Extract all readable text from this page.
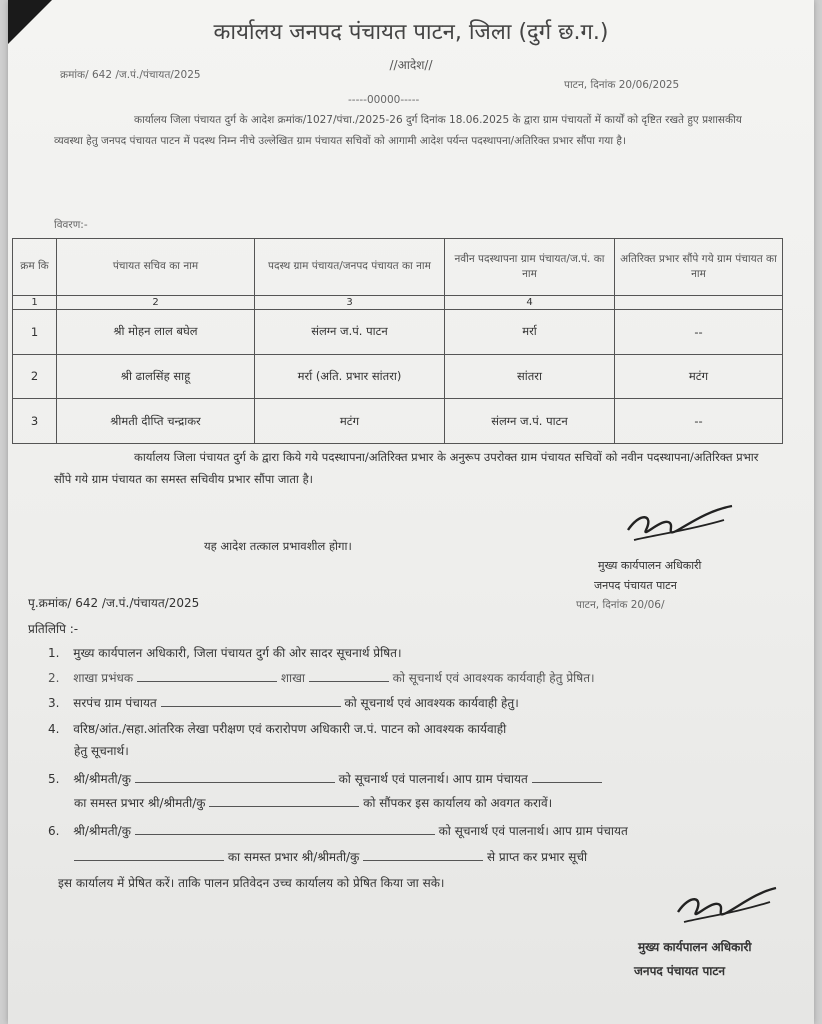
कार्यालय जनपद पंचायत पाटन, जिला (दुर्ग छ.ग.)
//आदेश//
क्रमांक/ 642 /ज.पं./पंचायत/2025
पाटन, दिनांक 20/06/2025
-----00000-----
कार्यालय जिला पंचायत दुर्ग के आदेश क्रमांक/1027/पंचा./2025-26 दुर्ग दिनांक 18.06.2025 के द्वारा ग्राम पंचायतों में कार्यों को दृष्टित रखते हुए प्रशासकीय व्यवस्था हेतु जनपद पंचायत पाटन में पदस्थ निम्न नीचे उल्लेखित ग्राम पंचायत सचिवों को आगामी आदेश पर्यन्त पदस्थापना/अतिरिक्त प्रभार सौंपा गया है।
विवरण:-
क्रम कि	पंचायत सचिव का नाम	पदस्थ ग्राम पंचायत/जनपद पंचायत का नाम	नवीन पदस्थापना ग्राम पंचायत/ज.पं. का नाम	अतिरिक्त प्रभार सौंपे गये ग्राम पंचायत का नाम
1	2	3	4	
1	श्री मोहन लाल बघेल	संलग्न ज.पं. पाटन	मर्रा	--
2	श्री ढालसिंह साहू	मर्रा (अति. प्रभार सांतरा)	सांतरा	मटंग
3	श्रीमती दीप्ति चन्द्राकर	मटंग	संलग्न ज.पं. पाटन	--
कार्यालय जिला पंचायत दुर्ग के द्वारा किये गये पदस्थापना/अतिरिक्त प्रभार के अनुरूप उपरोक्त ग्राम पंचायत सचिवों को नवीन पदस्थापना/अतिरिक्त प्रभार सौंपे गये ग्राम पंचायत का समस्त सचिवीय प्रभार सौंपा जाता है।
यह आदेश तत्काल प्रभावशील होगा।
मुख्य कार्यपालन अधिकारी
जनपद पंचायत पाटन
पृ.क्रमांक/ 642 /ज.पं./पंचायत/2025	पाटन, दिनांक 20/06/
प्रतिलिपि :-
1. मुख्य कार्यपालन अधिकारी, जिला पंचायत दुर्ग की ओर सादर सूचनार्थ प्रेषित।
2. शाखा प्रभंधक	शाखा	को सूचनार्थ एवं आवश्यक कार्यवाही हेतु प्रेषित।
3. सरपंच ग्राम पंचायत	को सूचनार्थ एवं आवश्यक कार्यवाही हेतु।
4. वरिष्ठ/आंत./सहा.आंतरिक लेखा परीक्षण एवं करारोपण अधिकारी ज.पं. पाटन को आवश्यक कार्यवाही
हेतु सूचनार्थ।
5. श्री/श्रीमती/कु	को सूचनार्थ एवं पालनार्थ। आप ग्राम पंचायत
का समस्त प्रभार श्री/श्रीमती/कु	को सौंपकर इस कार्यालय को अवगत करावें।
6. श्री/श्रीमती/कु	को सूचनार्थ एवं पालनार्थ। आप ग्राम पंचायत
का समस्त प्रभार श्री/श्रीमती/कु	से प्राप्त कर प्रभार सूची
इस कार्यालय में प्रेषित करें। ताकि पालन प्रतिवेदन उच्च कार्यालय को प्रेषित किया जा सके।
मुख्य कार्यपालन अधिकारी
जनपद पंचायत पाटन
